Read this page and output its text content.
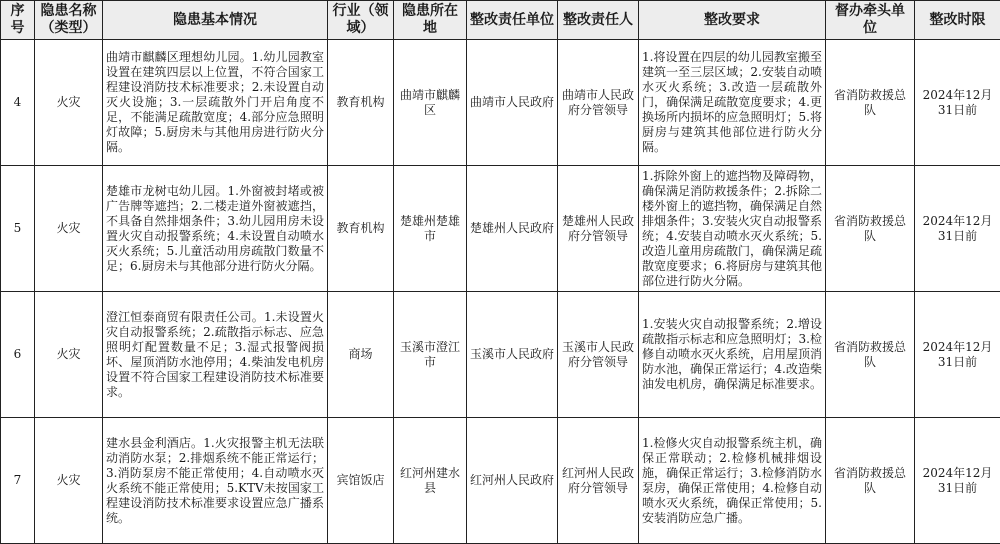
序号	隐患名称（类型）	隐患基本情况	行业（领域）	隐患所在地	整改责任单位	整改责任人	整改要求	督办牵头单位	整改时限
4	火灾	曲靖市麒麟区理想幼儿园。1.幼儿园教室设置在建筑四层以上位置，不符合国家工程建设消防技术标准要求；2.未设置自动灭火设施；3.一层疏散外门开启角度不足，不能满足疏散宽度；4.部分应急照明灯故障；5.厨房未与其他用房进行防火分隔。	教育机构	曲靖市麒麟区	曲靖市人民政府	曲靖市人民政府分管领导	1.将设置在四层的幼儿园教室搬至建筑一至三层区域；2.安装自动喷水灭火系统；3.改造一层疏散外门，确保满足疏散宽度要求；4.更换场所内损坏的应急照明灯；5.将厨房与建筑其他部位进行防火分隔。	省消防救援总队	2024年12月31日前
5	火灾	楚雄市龙树屯幼儿园。1.外窗被封堵或被广告牌等遮挡；2.二楼走道外窗被遮挡，不具备自然排烟条件；3.幼儿园用房未设置火灾自动报警系统；4.未设置自动喷水灭火系统；5.儿童活动用房疏散门数量不足；6.厨房未与其他部分进行防火分隔。	教育机构	楚雄州楚雄市	楚雄州人民政府	楚雄州人民政府分管领导	1.拆除外窗上的遮挡物及障碍物，确保满足消防救援条件；2.拆除二楼外窗上的遮挡物，确保满足自然排烟条件；3.安装火灾自动报警系统；4.安装自动喷水灭火系统；5.改造儿童用房疏散门，确保满足疏散宽度要求；6.将厨房与建筑其他部位进行防火分隔。	省消防救援总队	2024年12月31日前
6	火灾	澄江恒泰商贸有限责任公司。1.未设置火灾自动报警系统；2.疏散指示标志、应急照明灯配置数量不足；3.湿式报警阀损坏、屋顶消防水池停用；4.柴油发电机房设置不符合国家工程建设消防技术标准要求。	商场	玉溪市澄江市	玉溪市人民政府	玉溪市人民政府分管领导	1.安装火灾自动报警系统；2.增设疏散指示标志和应急照明灯；3.检修自动喷水灭火系统，启用屋顶消防水池，确保正常运行；4.改造柴油发电机房，确保满足标准要求。	省消防救援总队	2024年12月31日前
7	火灾	建水县金利酒店。1.火灾报警主机无法联动消防水泵；2.排烟系统不能正常运行；3.消防泵房不能正常使用；4.自动喷水灭火系统不能正常使用；5.KTV未按国家工程建设消防技术标准要求设置应急广播系统。	宾馆饭店	红河州建水县	红河州人民政府	红河州人民政府分管领导	1.检修火灾自动报警系统主机，确保正常联动；2.检修机械排烟设施，确保正常运行；3.检修消防水泵房，确保正常使用；4.检修自动喷水灭火系统，确保正常使用；5.安装消防应急广播。	省消防救援总队	2024年12月31日前
